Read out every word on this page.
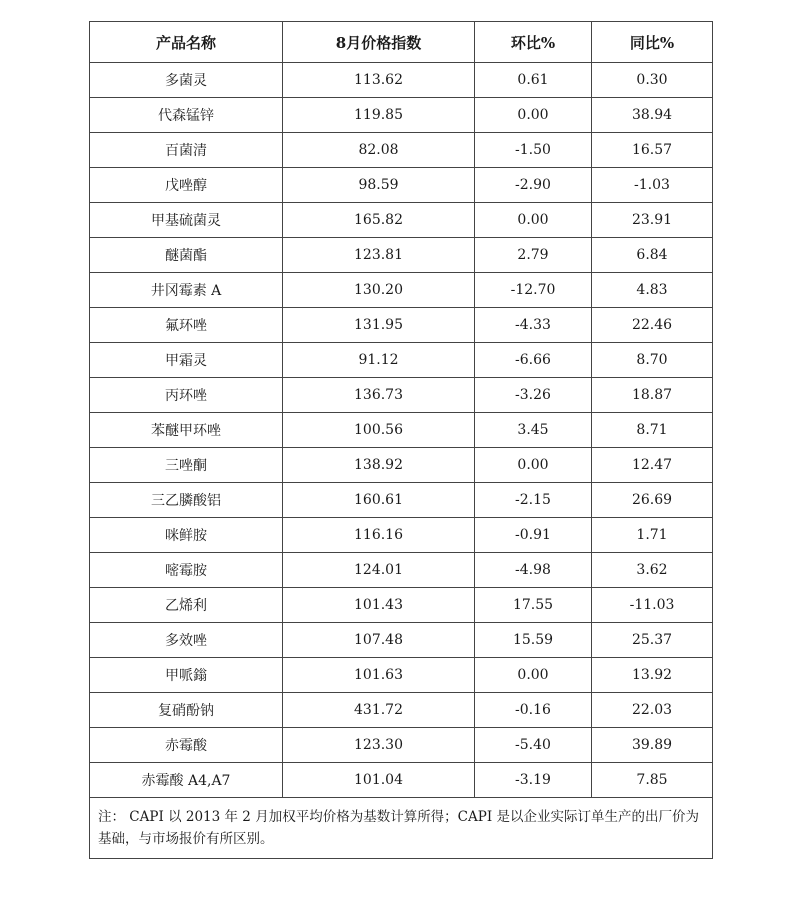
产品名称	8月价格指数	环比%	同比%
多菌灵	113.62	0.61	0.30
代森锰锌	119.85	0.00	38.94
百菌清	82.08	-1.50	16.57
戊唑醇	98.59	-2.90	-1.03
甲基硫菌灵	165.82	0.00	23.91
醚菌酯	123.81	2.79	6.84
井冈霉素 A	130.20	-12.70	4.83
氟环唑	131.95	-4.33	22.46
甲霜灵	91.12	-6.66	8.70
丙环唑	136.73	-3.26	18.87
苯醚甲环唑	100.56	3.45	8.71
三唑酮	138.92	0.00	12.47
三乙膦酸铝	160.61	-2.15	26.69
咪鲜胺	116.16	-0.91	1.71
嘧霉胺	124.01	-4.98	3.62
乙烯利	101.43	17.55	-11.03
多效唑	107.48	15.59	25.37
甲哌鎓	101.63	0.00	13.92
复硝酚钠	431.72	-0.16	22.03
赤霉酸	123.30	-5.40	39.89
赤霉酸 A4,A7	101.04	-3.19	7.85
注： CAPI 以 2013 年 2 月加权平均价格为基数计算所得；CAPI 是以企业实际订单生产的出厂价为基础，与市场报价有所区别。			
